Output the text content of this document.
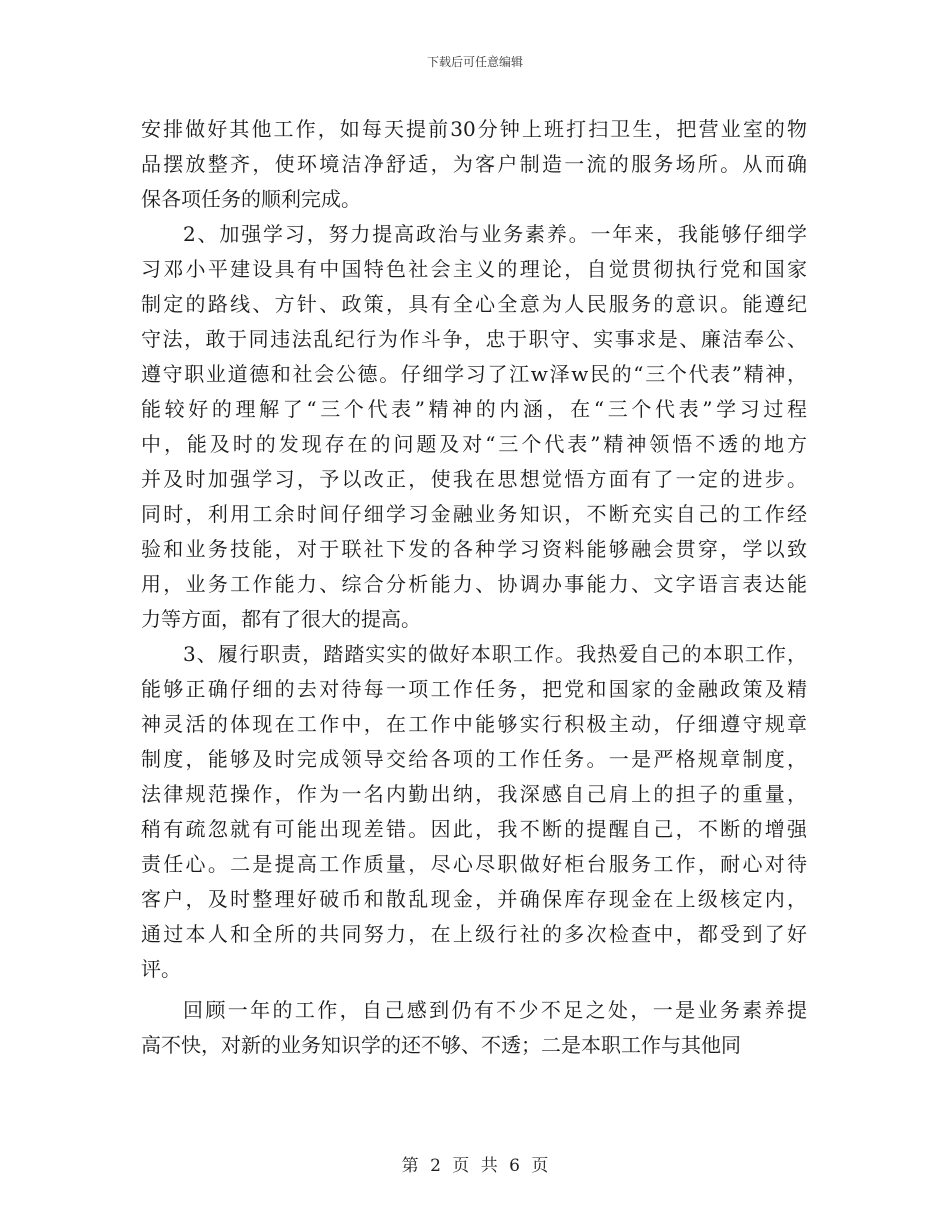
下载后可任意编辑
安排做好其他工作，如每天提前30分钟上班打扫卫生，把营业室的物
品摆放整齐，使环境洁净舒适，为客户制造一流的服务场所。从而确
保各项任务的顺利完成。
2、加强学习，努力提高政治与业务素养。一年来，我能够仔细学
习邓小平建设具有中国特色社会主义的理论，自觉贯彻执行党和国家
制定的路线、方针、政策，具有全心全意为人民服务的意识。能遵纪
守法，敢于同违法乱纪行为作斗争，忠于职守、实事求是、廉洁奉公、
遵守职业道德和社会公德。仔细学习了江w泽w民的“三个代表”精神，
能较好的理解了“三个代表”精神的内涵，在“三个代表”学习过程
中，能及时的发现存在的问题及对“三个代表”精神领悟不透的地方
并及时加强学习，予以改正，使我在思想觉悟方面有了一定的进步。
同时，利用工余时间仔细学习金融业务知识，不断充实自己的工作经
验和业务技能，对于联社下发的各种学习资料能够融会贯穿，学以致
用，业务工作能力、综合分析能力、协调办事能力、文字语言表达能
力等方面，都有了很大的提高。
3、履行职责，踏踏实实的做好本职工作。我热爱自己的本职工作，
能够正确仔细的去对待每一项工作任务，把党和国家的金融政策及精
神灵活的体现在工作中，在工作中能够实行积极主动，仔细遵守规章
制度，能够及时完成领导交给各项的工作任务。一是严格规章制度，
法律规范操作，作为一名内勤出纳，我深感自己肩上的担子的重量，
稍有疏忽就有可能出现差错。因此，我不断的提醒自己，不断的增强
责任心。二是提高工作质量，尽心尽职做好柜台服务工作，耐心对待
客户，及时整理好破币和散乱现金，并确保库存现金在上级核定内，
通过本人和全所的共同努力，在上级行社的多次检查中，都受到了好
评。
回顾一年的工作，自己感到仍有不少不足之处，一是业务素养提
高不快，对新的业务知识学的还不够、不透；二是本职工作与其他同
第 2 页 共 6 页
